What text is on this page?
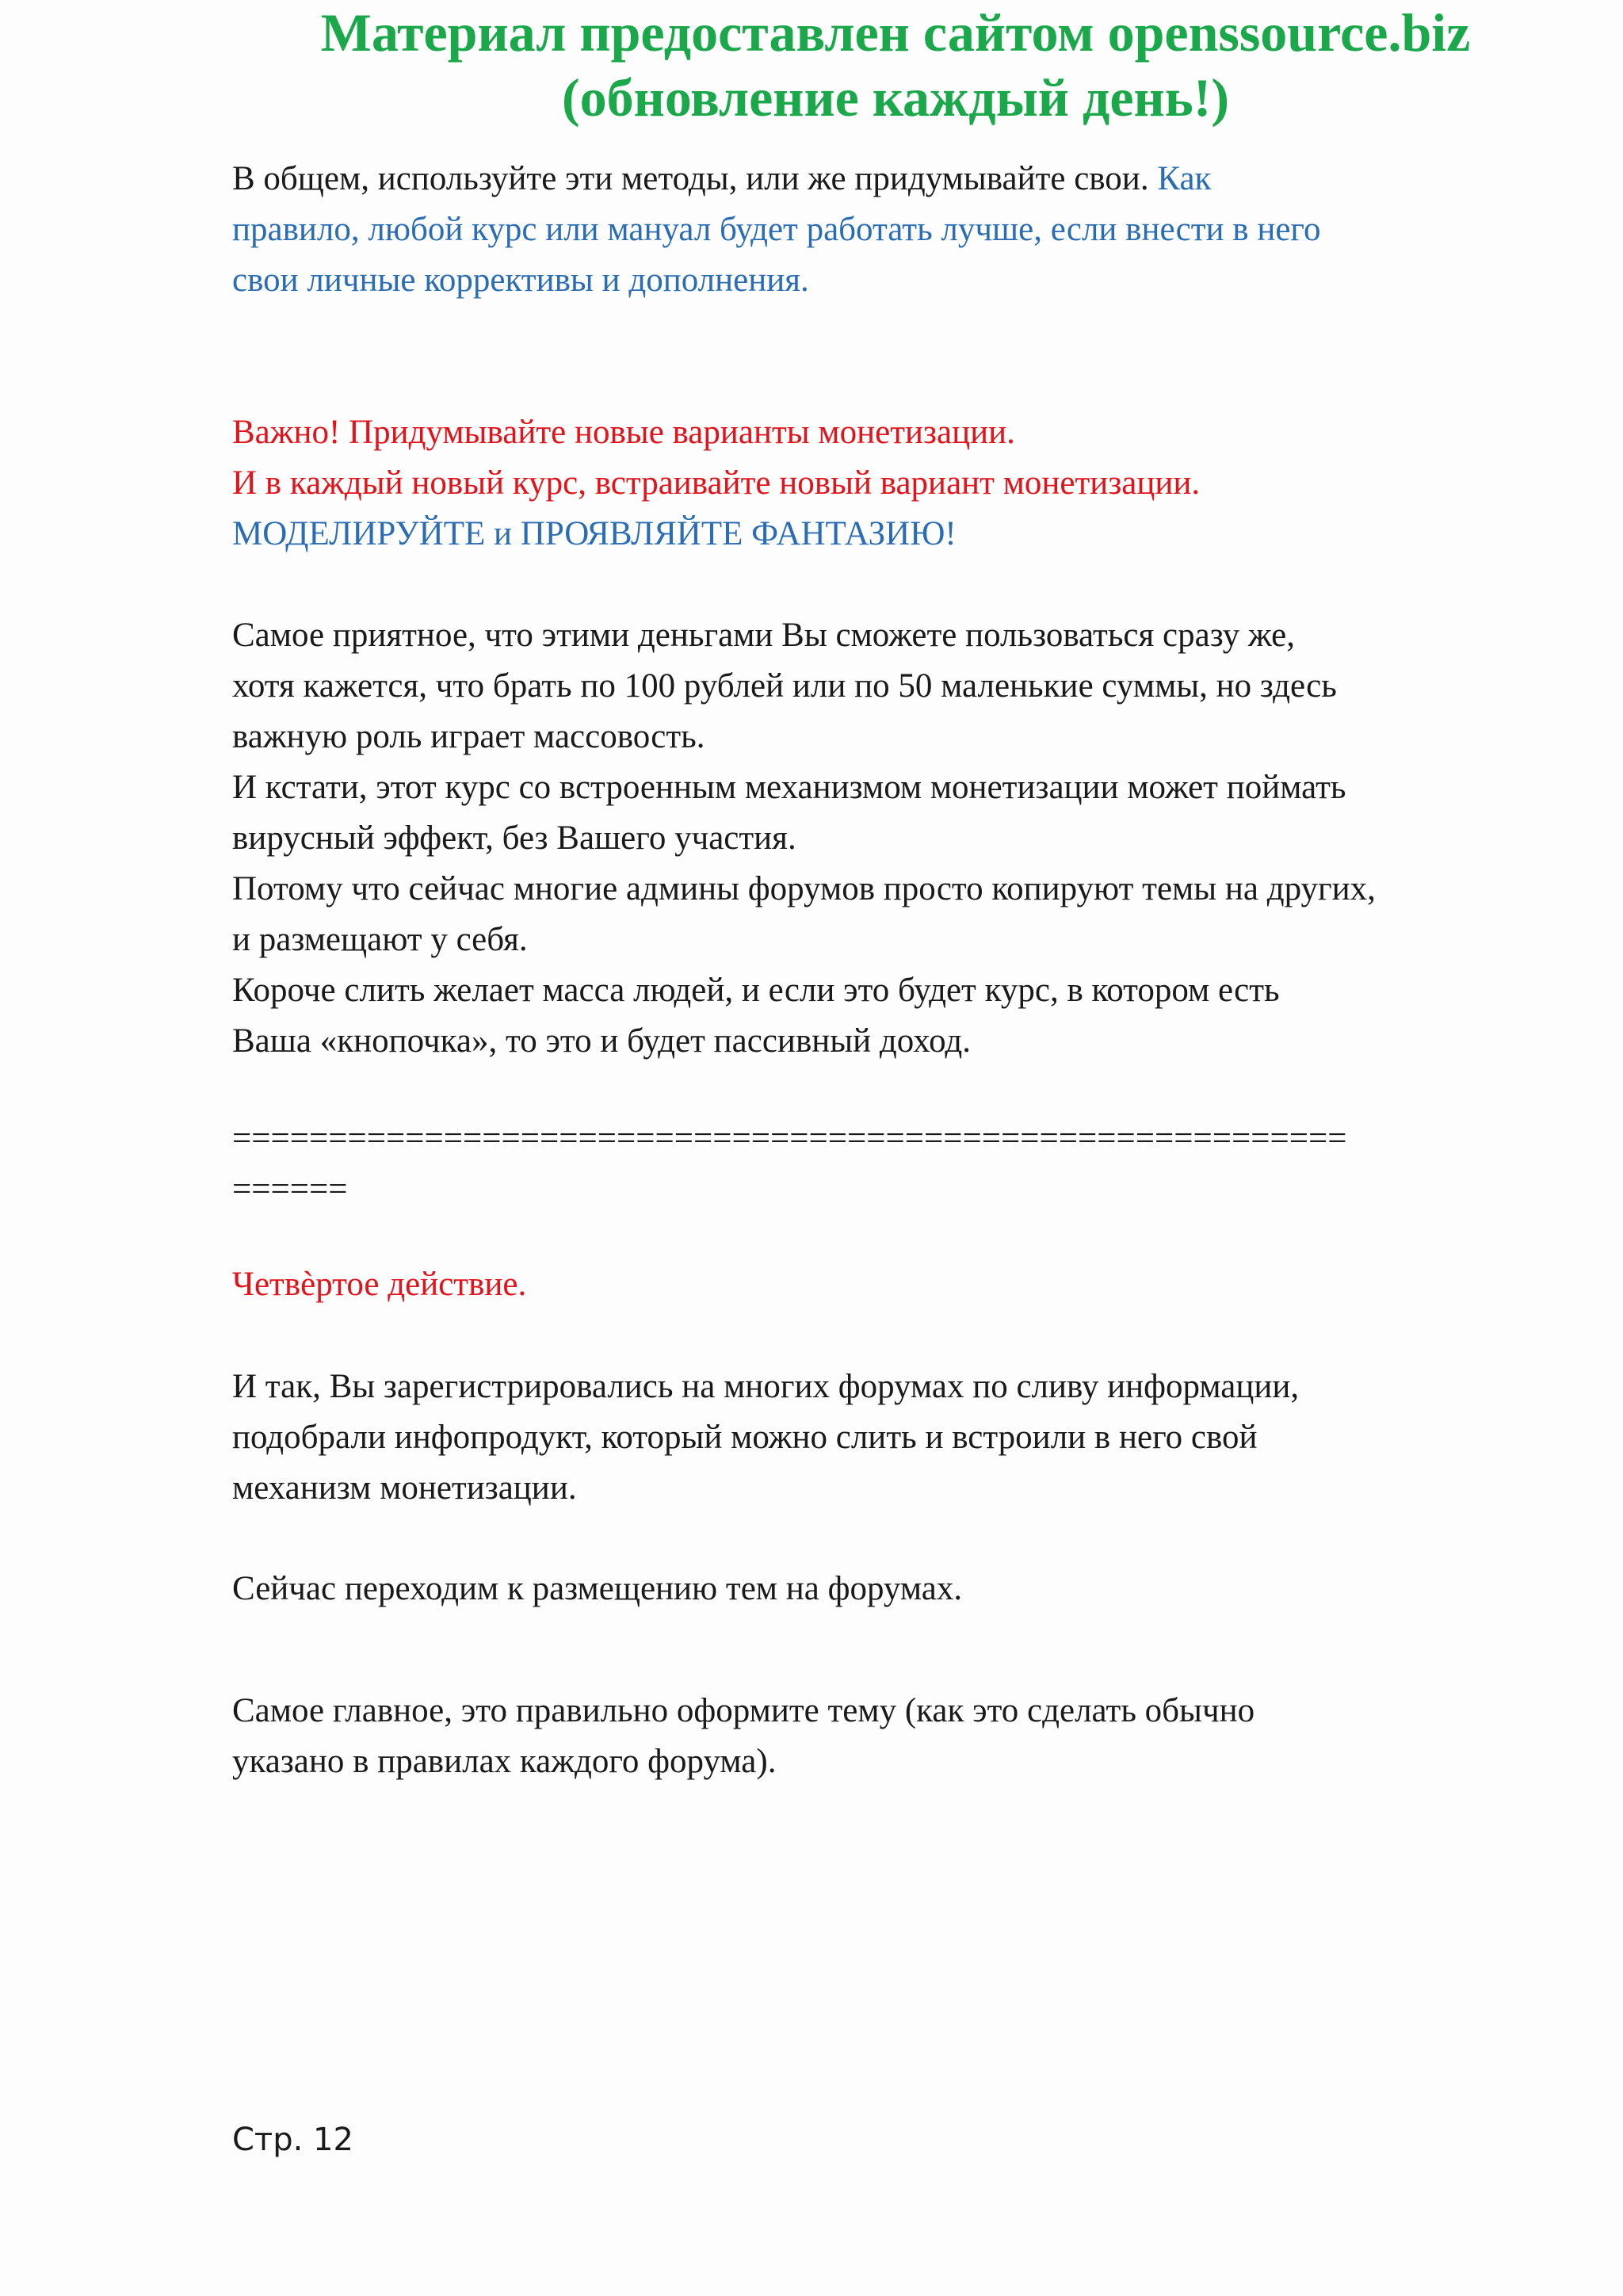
Материал предоставлен сайтом openssource.biz
(обновление каждый день!)
В общем, используйте эти методы, или же придумывайте свои. Как
правило, любой курс или мануал будет работать лучше, если внести в него
свои личные коррективы и дополнения.
Важно! Придумывайте новые варианты монетизации.
И в каждый новый курс, встраивайте новый вариант монетизации.
МОДЕЛИРУЙТЕ и ПРОЯВЛЯЙТЕ ФАНТАЗИЮ!
Самое приятное, что этими деньгами Вы сможете пользоваться сразу же,
хотя кажется, что брать по 100 рублей или по 50 маленькие суммы, но здесь
важную роль играет массовость.
И кстати, этот курс со встроенным механизмом монетизации может поймать
вирусный эффект, без Вашего участия.
Потому что сейчас многие админы форумов просто копируют темы на других,
и размещают у себя.
Короче слить желает масса людей, и если это будет курс, в котором есть
Ваша «кнопочка», то это и будет пассивный доход.
==========================================================
======
Четвѐртое действие.
И так, Вы зарегистрировались на многих форумах по сливу информации,
подобрали инфопродукт, который можно слить и встроили в него свой
механизм монетизации.
Сейчас переходим к размещению тем на форумах.
Самое главное, это правильно оформите тему (как это сделать обычно
указано в правилах каждого форума).
Стр. 12
